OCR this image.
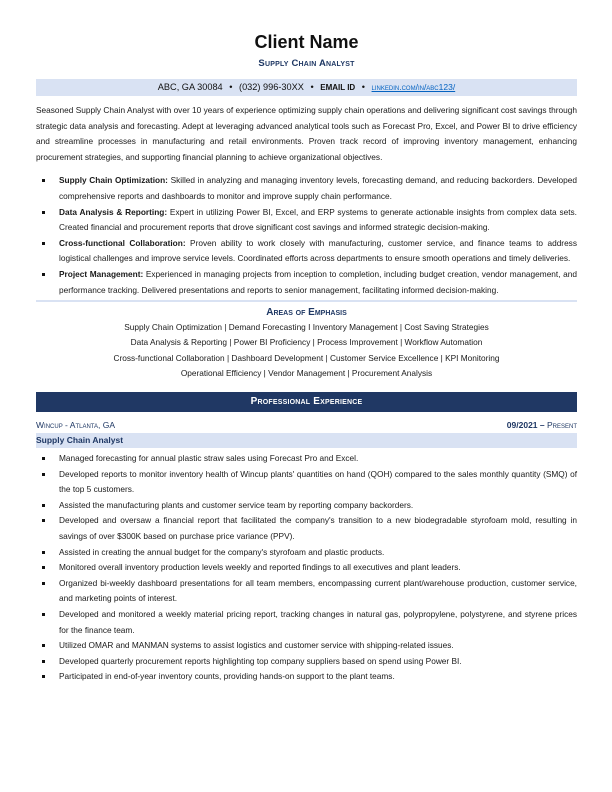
Client Name
Supply Chain Analyst
ABC, GA 30084 • (032) 996-30XX • EMAIL ID • linkedin.com/in/abc123/
Seasoned Supply Chain Analyst with over 10 years of experience optimizing supply chain operations and delivering significant cost savings through strategic data analysis and forecasting. Adept at leveraging advanced analytical tools such as Forecast Pro, Excel, and Power BI to drive efficiency and streamline processes in manufacturing and retail environments. Proven track record of improving inventory management, enhancing procurement strategies, and supporting financial planning to achieve organizational objectives.
Supply Chain Optimization: Skilled in analyzing and managing inventory levels, forecasting demand, and reducing backorders. Developed comprehensive reports and dashboards to monitor and improve supply chain performance.
Data Analysis & Reporting: Expert in utilizing Power BI, Excel, and ERP systems to generate actionable insights from complex data sets. Created financial and procurement reports that drove significant cost savings and informed strategic decision-making.
Cross-functional Collaboration: Proven ability to work closely with manufacturing, customer service, and finance teams to address logistical challenges and improve service levels. Coordinated efforts across departments to ensure smooth operations and timely deliveries.
Project Management: Experienced in managing projects from inception to completion, including budget creation, vendor management, and performance tracking. Delivered presentations and reports to senior management, facilitating informed decision-making.
Areas of Emphasis
Supply Chain Optimization | Demand Forecasting I Inventory Management | Cost Saving Strategies
Data Analysis & Reporting | Power BI Proficiency | Process Improvement | Workflow Automation
Cross-functional Collaboration | Dashboard Development | Customer Service Excellence | KPI Monitoring
Operational Efficiency | Vendor Management | Procurement Analysis
Professional Experience
Wincup - Atlanta, GA	09/2021 – Present
Supply Chain Analyst
Managed forecasting for annual plastic straw sales using Forecast Pro and Excel.
Developed reports to monitor inventory health of Wincup plants' quantities on hand (QOH) compared to the sales monthly quantity (SMQ) of the top 5 customers.
Assisted the manufacturing plants and customer service team by reporting company backorders.
Developed and oversaw a financial report that facilitated the company's transition to a new biodegradable styrofoam mold, resulting in savings of over $300K based on purchase price variance (PPV).
Assisted in creating the annual budget for the company's styrofoam and plastic products.
Monitored overall inventory production levels weekly and reported findings to all executives and plant leaders.
Organized bi-weekly dashboard presentations for all team members, encompassing current plant/warehouse production, customer service, and marketing points of interest.
Developed and monitored a weekly material pricing report, tracking changes in natural gas, polypropylene, polystyrene, and styrene prices for the finance team.
Utilized OMAR and MANMAN systems to assist logistics and customer service with shipping-related issues.
Developed quarterly procurement reports highlighting top company suppliers based on spend using Power BI.
Participated in end-of-year inventory counts, providing hands-on support to the plant teams.
